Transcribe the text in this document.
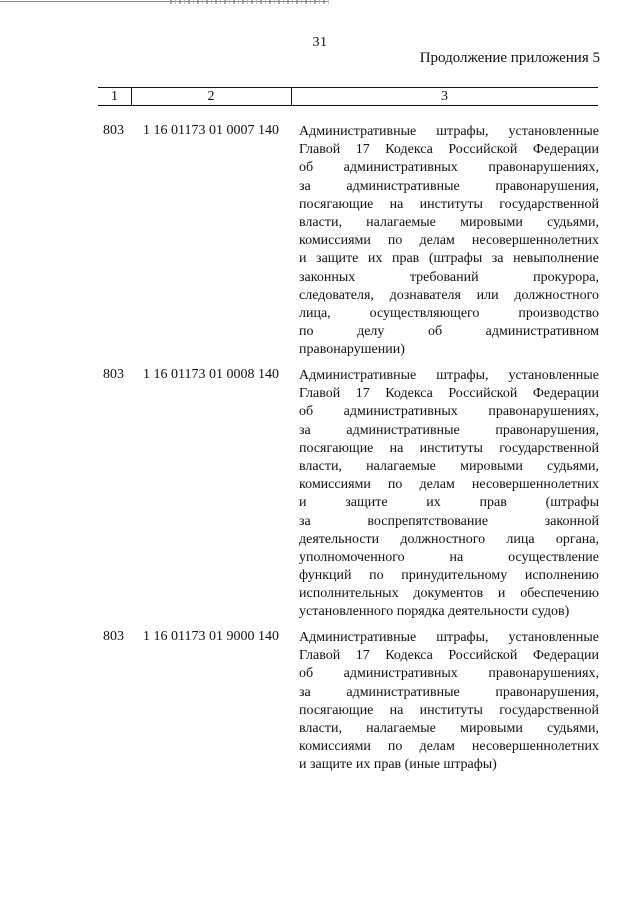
31
Продолжение приложения 5
1	2	3
803 1 16 01173 01 0007 140 Административные штрафы, установленные
Главой 17 Кодекса Российской Федерации
об административных правонарушениях,
за административные правонарушения,
посягающие на институты государственной
власти, налагаемые мировыми судьями,
комиссиями по делам несовершеннолетних
и защите их прав (штрафы за невыполнение
законных требований прокурора,
следователя, дознавателя или должностного
лица, осуществляющего производство
по делу об административном
правонарушении)
803 1 16 01173 01 0008 140 Административные штрафы, установленные
Главой 17 Кодекса Российской Федерации
об административных правонарушениях,
за административные правонарушения,
посягающие на институты государственной
власти, налагаемые мировыми судьями,
комиссиями по делам несовершеннолетних
и защите их прав (штрафы
за воспрепятствование законной
деятельности должностного лица органа,
уполномоченного на осуществление
функций по принудительному исполнению
исполнительных документов и обеспечению
установленного порядка деятельности судов)
803 1 16 01173 01 9000 140 Административные штрафы, установленные
Главой 17 Кодекса Российской Федерации
об административных правонарушениях,
за административные правонарушения,
посягающие на институты государственной
власти, налагаемые мировыми судьями,
комиссиями по делам несовершеннолетних
и защите их прав (иные штрафы)
